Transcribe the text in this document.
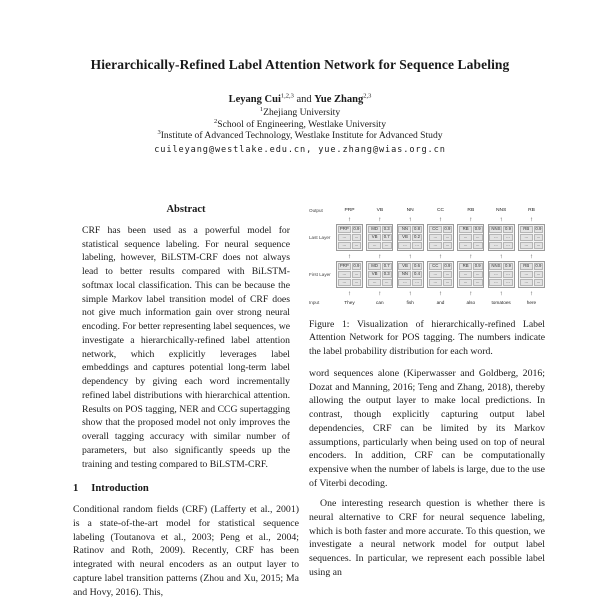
Hierarchically-Refined Label Attention Network for Sequence Labeling
Leyang Cui$^{1,2,3}$ and Yue Zhang$^{2,3}$
$^1$Zhejiang University
$^2$School of Engineering, Westlake University
$^3$Institute of Advanced Technology, Westlake Institute for Advanced Study
cuileyang@westlake.edu.cn, yue.zhang@wias.org.cn
Abstract
CRF has been used as a powerful model for statistical sequence labeling. For neural sequence labeling, however, BiLSTM-CRF does not always lead to better results compared with BiLSTM-softmax local classification. This can be because the simple Markov label transition model of CRF does not give much information gain over strong neural encoding. For better representing label sequences, we investigate a hierarchically-refined label attention network, which explicitly leverages label embeddings and captures potential long-term label dependency by giving each word incrementally refined label distributions with hierarchical attention. Results on POS tagging, NER and CCG supertagging show that the proposed model not only improves the overall tagging accuracy with similar number of parameters, but also significantly speeds up the training and testing compared to BiLSTM-CRF.
1 Introduction
Conditional random fields (CRF) (Lafferty et al., 2001) is a state-of-the-art model for statistical sequence labeling (Toutanova et al., 2003; Peng et al., 2004; Ratinov and Roth, 2009). Recently, CRF has been integrated with neural encoders as an output layer to capture label transition patterns (Zhou and Xu, 2015; Ma and Hovy, 2016). This,
Output
Last Layer
First Layer
Input
PRP
↑
PRP	0.9
...	...
...	...
↑
PRP	0.9
...	...
...	...
↑
They
VB
↑
MD	0.3
VB	0.7
...	...
↑
MD	0.7
VB	0.3
...	...
↑
can
NN
↑
NN	0.8
VB	0.2
...	...
↑
VB	0.6
NN	0.4
...	...
↑
fish
CC
↑
CC	0.9
...	...
...	...
↑
CC	0.9
...	...
...	...
↑
and
RB
↑
RB	0.9
...	...
...	...
↑
RB	0.9
...	...
...	...
↑
also
NNS
↑
NNS	0.9
...	...
...	...
↑
NNS	0.9
...	...
...	...
↑
tomatoes
RB
↑
RB	0.9
...	...
...	...
↑
RB	0.9
...	...
...	...
↑
here
Figure 1: Visualization of hierarchically-refined Label Attention Network for POS tagging. The numbers indicate the label probability distribution for each word.
word sequences alone (Kiperwasser and Goldberg, 2016; Dozat and Manning, 2016; Teng and Zhang, 2018), thereby allowing the output layer to make local predictions. In contrast, though explicitly capturing output label dependencies, CRF can be limited by its Markov assumptions, particularly when being used on top of neural encoders. In addition, CRF can be computationally expensive when the number of labels is large, due to the use of Viterbi decoding.
One interesting research question is whether there is neural alternative to CRF for neural sequence labeling, which is both faster and more accurate. To this question, we investigate a neural network model for output label sequences. In particular, we represent each possible label using an
